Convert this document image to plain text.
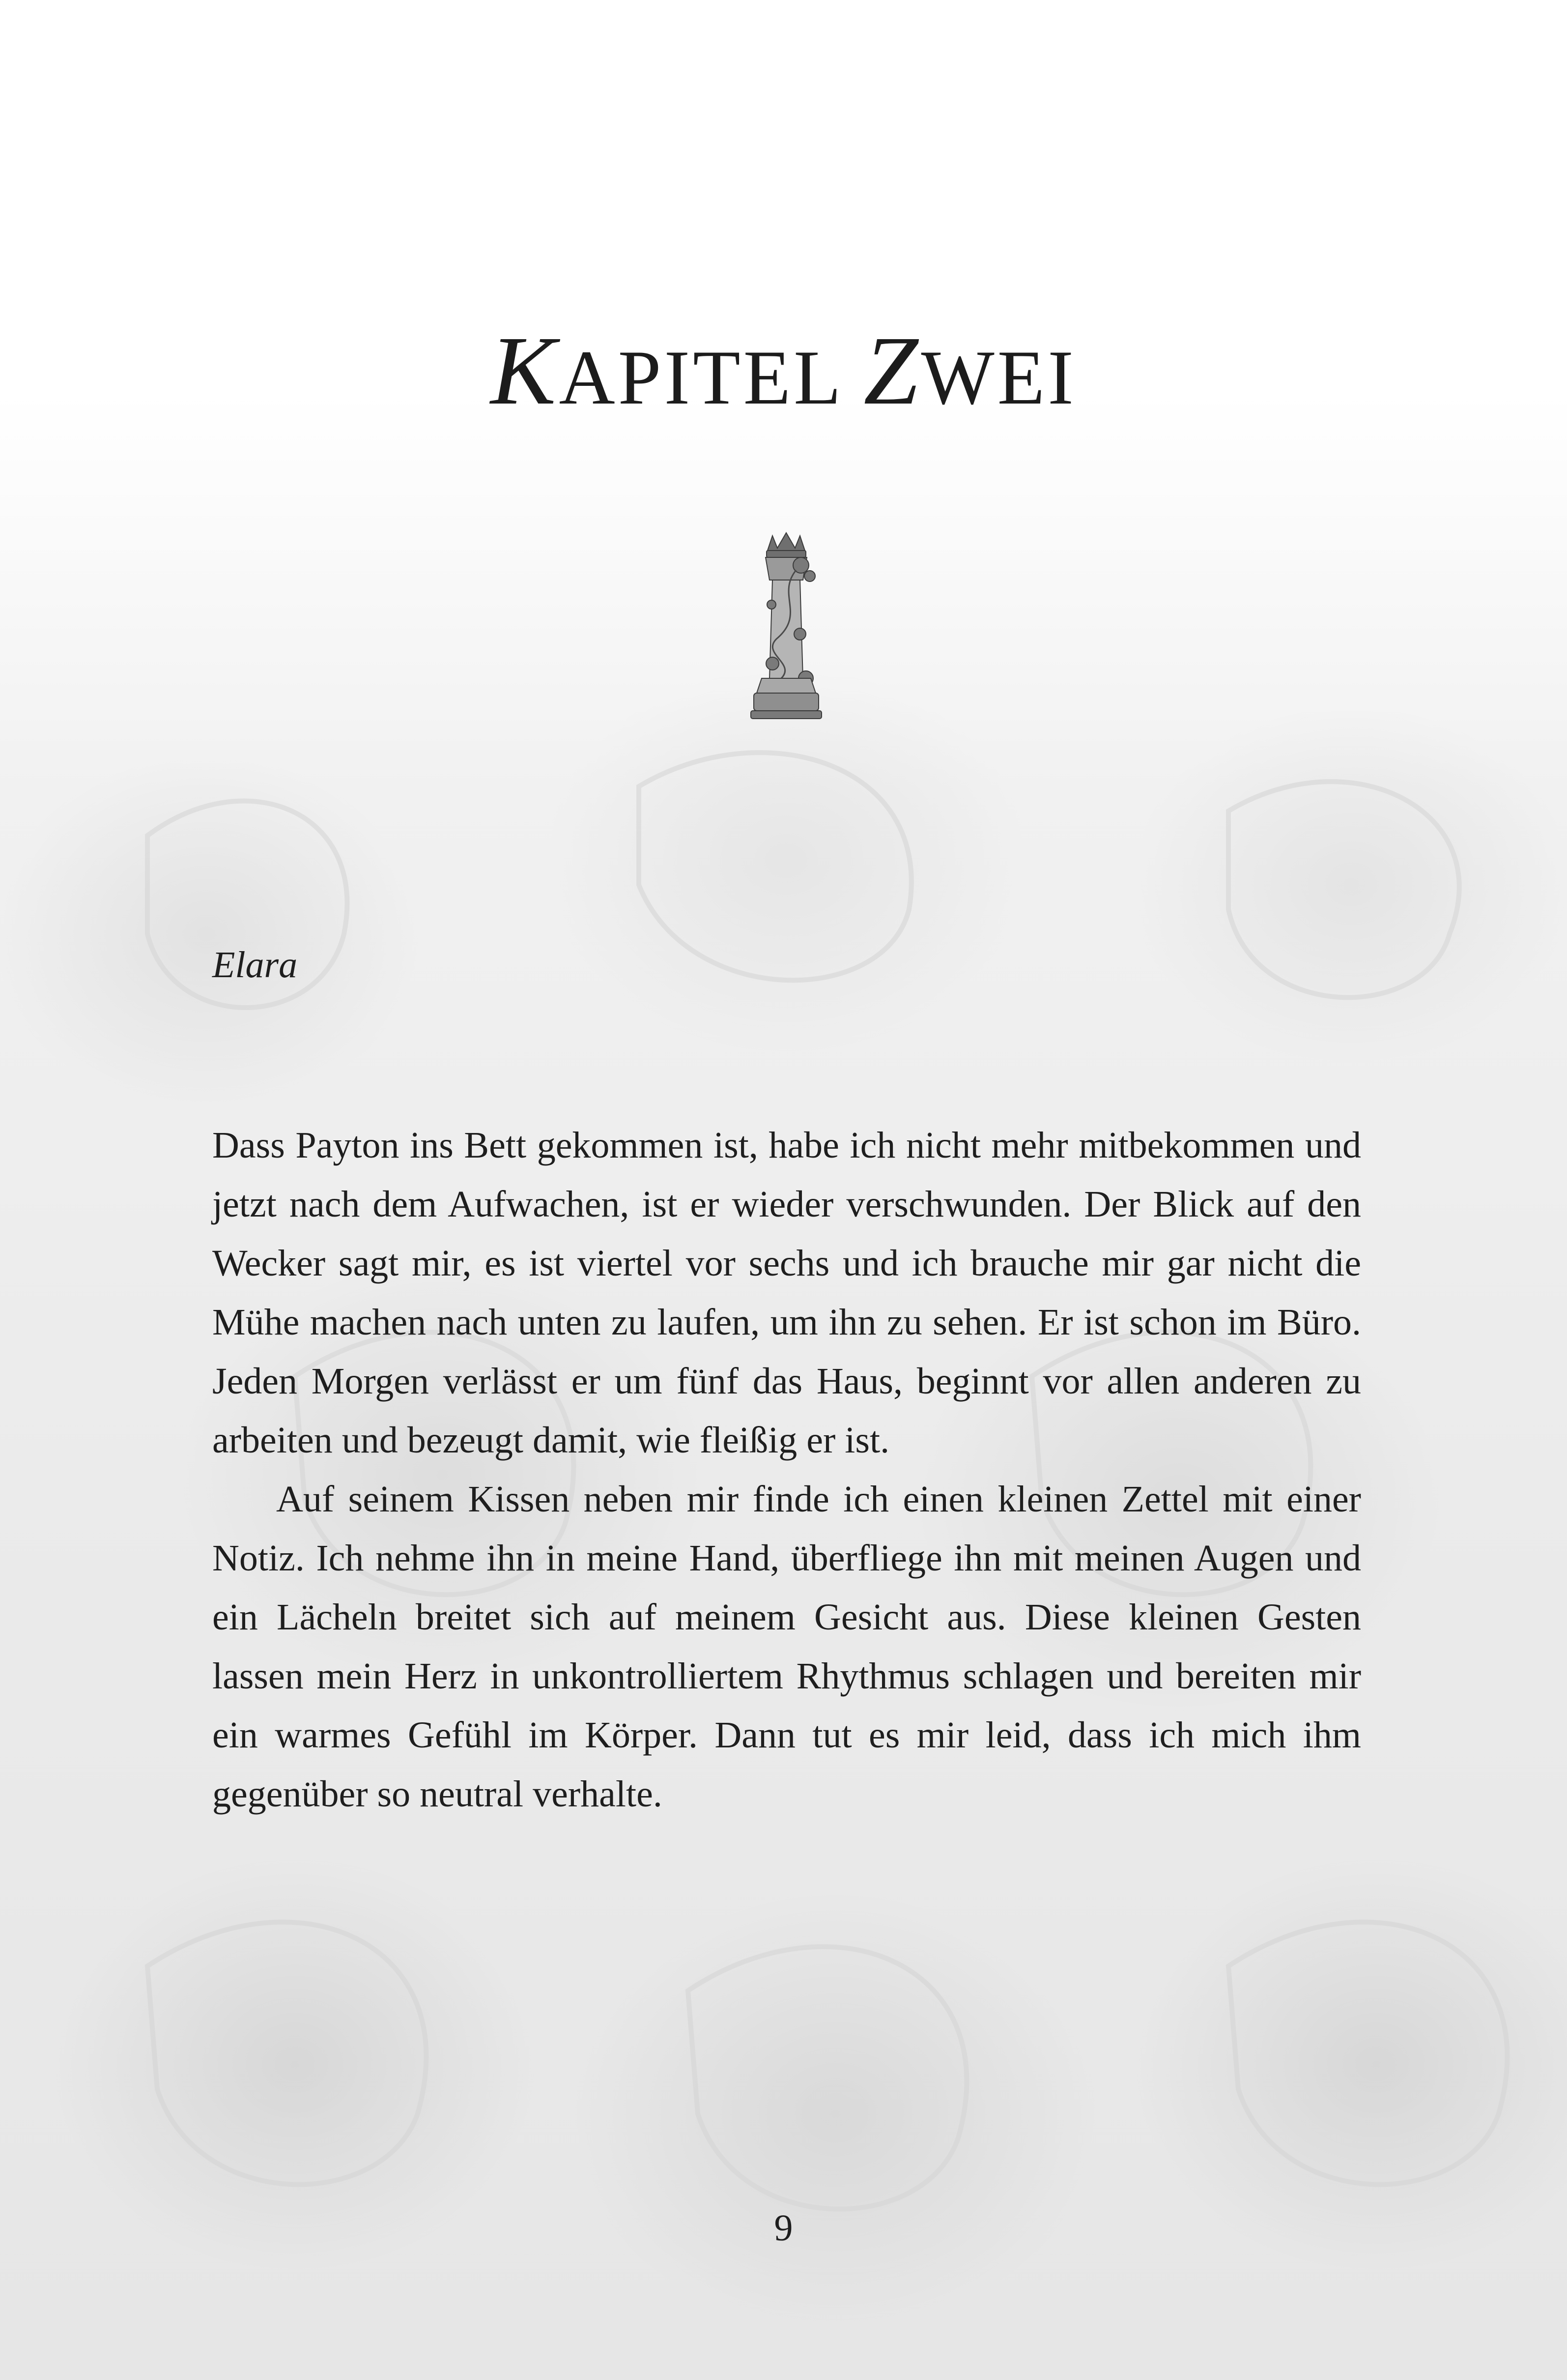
KAPITEL ZWEI

Elara

Dass Payton ins Bett gekommen ist, habe ich nicht mehr mitbekommen und jetzt nach dem Aufwachen, ist er wieder verschwunden. Der Blick auf den Wecker sagt mir, es ist viertel vor sechs und ich brauche mir gar nicht die Mühe machen nach unten zu laufen, um ihn zu sehen. Er ist schon im Büro. Jeden Morgen verlässt er um fünf das Haus, beginnt vor allen anderen zu arbeiten und bezeugt damit, wie fleißig er ist.

Auf seinem Kissen neben mir finde ich einen kleinen Zettel mit einer Notiz. Ich nehme ihn in meine Hand, überfliege ihn mit meinen Augen und ein Lächeln breitet sich auf meinem Gesicht aus. Diese kleinen Gesten lassen mein Herz in unkontrolliertem Rhythmus schlagen und bereiten mir ein warmes Gefühl im Körper. Dann tut es mir leid, dass ich mich ihm gegenüber so neutral verhalte.

9
